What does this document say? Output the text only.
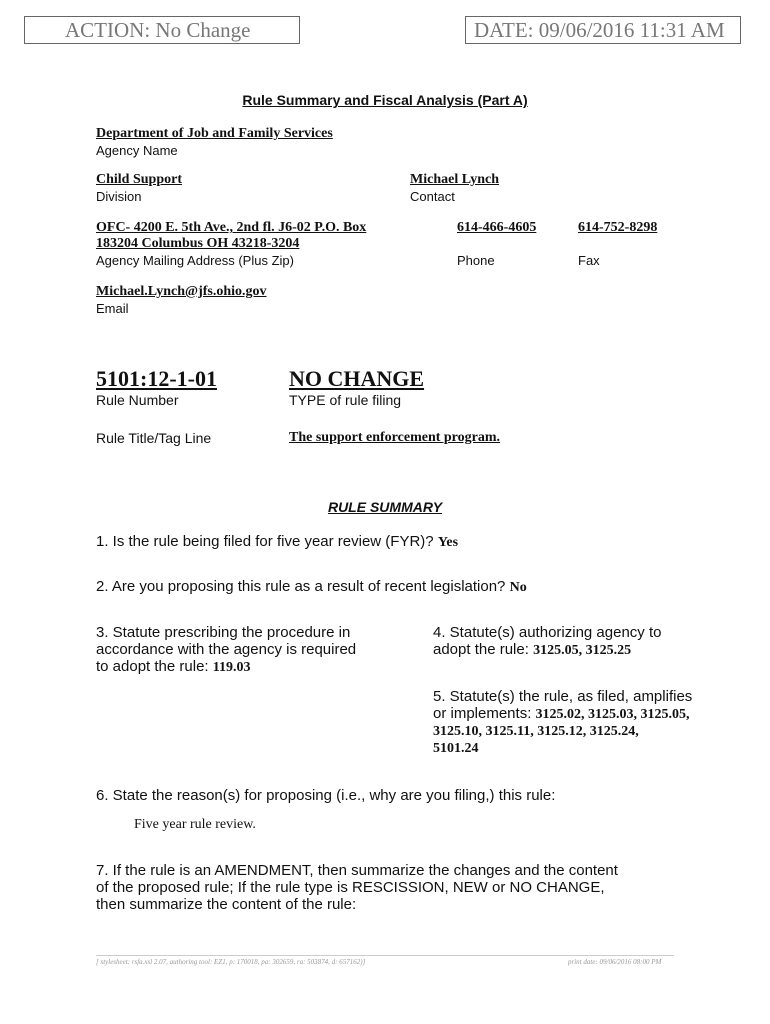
ACTION: No Change	DATE: 09/06/2016 11:31 AM
Rule Summary and Fiscal Analysis (Part A)
Department of Job and Family Services
Agency Name
Child Support
Division
Michael Lynch
Contact
OFC- 4200 E. 5th Ave., 2nd fl. J6-02 P.O. Box
183204 Columbus OH 43218-3204
Agency Mailing Address (Plus Zip)
614-466-4605
Phone
614-752-8298
Fax
Michael.Lynch@jfs.ohio.gov
Email
5101:12-1-01
Rule Number
NO CHANGE
TYPE of rule filing
Rule Title/Tag Line	The support enforcement program.
RULE SUMMARY
1. Is the rule being filed for five year review (FYR)? Yes
2. Are you proposing this rule as a result of recent legislation? No
3. Statute prescribing the procedure in
accordance with the agency is required
to adopt the rule: 119.03
4. Statute(s) authorizing agency to
adopt the rule: 3125.05, 3125.25
5. Statute(s) the rule, as filed, amplifies
or implements: 3125.02, 3125.03, 3125.05,
3125.10, 3125.11, 3125.12, 3125.24,
5101.24
6. State the reason(s) for proposing (i.e., why are you filing,) this rule:
Five year rule review.
7. If the rule is an AMENDMENT, then summarize the changes and the content
of the proposed rule; If the rule type is RESCISSION, NEW or NO CHANGE,
then summarize the content of the rule:
[ stylesheet: rsfa.xsl 2.07, authoring tool: EZ1, p: 170018, pa: 302659, ra: 503874, d: 657162)]	print date: 09/06/2016 08:00 PM
